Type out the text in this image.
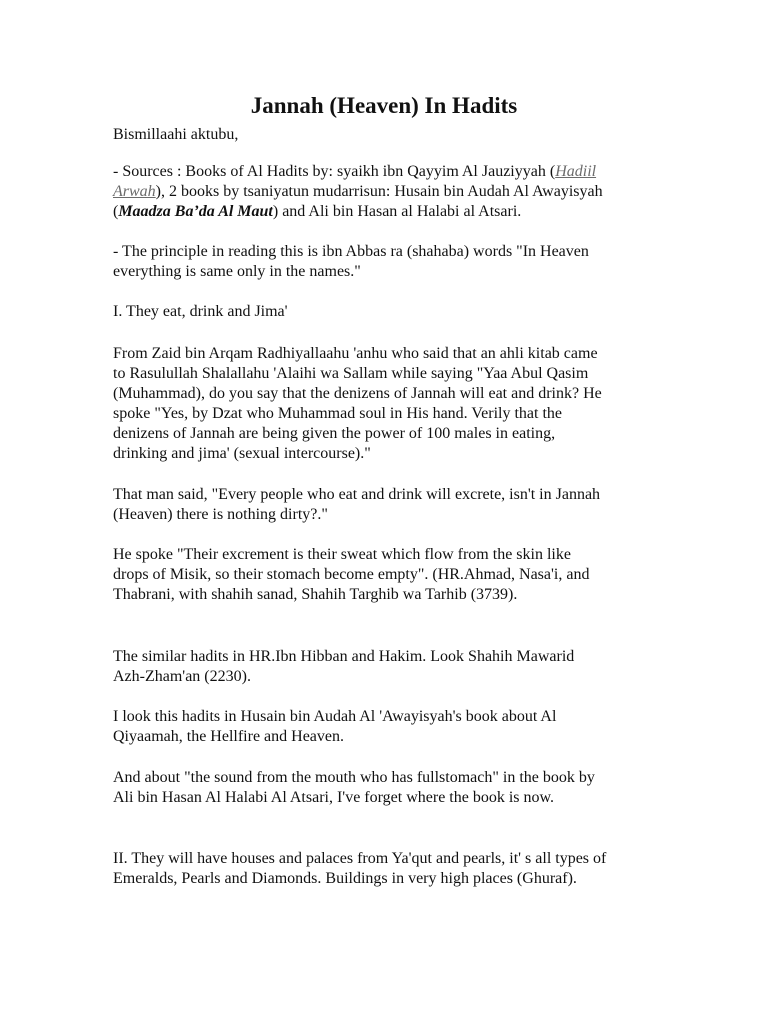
Jannah (Heaven) In Hadits

Bismillaahi aktubu,

- Sources : Books of Al Hadits by: syaikh ibn Qayyim Al Jauziyyah (Hadiil
Arwah), 2 books by tsaniyatun mudarrisun: Husain bin Audah Al Awayisyah
(Maadza Ba’da Al Maut) and Ali bin Hasan al Halabi al Atsari.

- The principle in reading this is ibn Abbas ra (shahaba) words "In Heaven
everything is same only in the names."

I. They eat, drink and Jima'

From Zaid bin Arqam Radhiyallaahu 'anhu who said that an ahli kitab came
to Rasulullah Shalallahu 'Alaihi wa Sallam while saying "Yaa Abul Qasim
(Muhammad), do you say that the denizens of Jannah will eat and drink? He
spoke "Yes, by Dzat who Muhammad soul in His hand. Verily that the
denizens of Jannah are being given the power of 100 males in eating,
drinking and jima' (sexual intercourse)."

That man said, "Every people who eat and drink will excrete, isn't in Jannah
(Heaven) there is nothing dirty?."

He spoke "Their excrement is their sweat which flow from the skin like
drops of Misik, so their stomach become empty". (HR.Ahmad, Nasa'i, and
Thabrani, with shahih sanad, Shahih Targhib wa Tarhib (3739).

The similar hadits in HR.Ibn Hibban and Hakim. Look Shahih Mawarid
Azh-Zham'an (2230).

I look this hadits in Husain bin Audah Al 'Awayisyah's book about Al
Qiyaamah, the Hellfire and Heaven.

And about "the sound from the mouth who has fullstomach" in the book by
Ali bin Hasan Al Halabi Al Atsari, I've forget where the book is now.

II. They will have houses and palaces from Ya'qut and pearls, it' s all types of
Emeralds, Pearls and Diamonds. Buildings in very high places (Ghuraf).
